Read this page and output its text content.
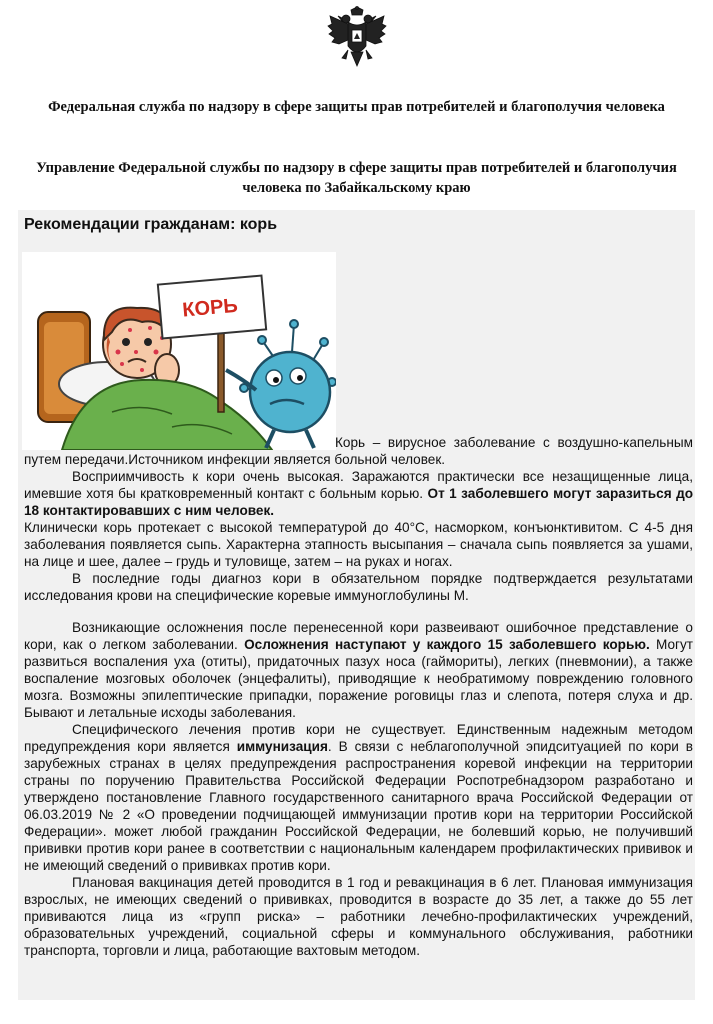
Федеральная служба по надзору в сфере защиты прав потребителей и благополучия человека
Управление Федеральной службы по надзору в сфере защиты прав потребителей и благополучия человека по Забайкальскому краю
Рекомендации гражданам: корь
КОРЬ

Корь – вирусное заболевание с воздушно-капельным путем передачи.Источником инфекции является больной человек.

Восприимчивость к кори очень высокая. Заражаются практически все незащищенные лица, имевшие хотя бы кратковременный контакт с больным корью. От 1 заболевшего могут заразиться до 18 контактировавших с ним человек.

Клинически корь протекает с высокой температурой до 40°С, насморком, конъюнктивитом. С 4-5 дня заболевания появляется сыпь. Характерна этапность высыпания – сначала сыпь появляется за ушами, на лице и шее, далее – грудь и туловище, затем – на руках и ногах.

В последние годы диагноз кори в обязательном порядке подтверждается результатами исследования крови на специфические коревые иммуноглобулины М.

Возникающие осложнения после перенесенной кори развеивают ошибочное представление о кори, как о легком заболевании. Осложнения наступают у каждого 15 заболевшего корью. Могут развиться воспаления уха (отиты), придаточных пазух носа (гаймориты), легких (пневмонии), а также воспаление мозговых оболочек (энцефалиты), приводящие к необратимому повреждению головного мозга. Возможны эпилептические припадки, поражение роговицы глаз и слепота, потеря слуха и др. Бывают и летальные исходы заболевания.

Специфического лечения против кори не существует. Единственным надежным методом предупреждения кори является иммунизация. В связи с неблагополучной эпидситуацией по кори в зарубежных странах в целях предупреждения распространения коревой инфекции на территории страны по поручению Правительства Российской Федерации Роспотребнадзором разработано и утверждено постановление Главного государственного санитарного врача Российской Федерации от 06.03.2019 № 2 «О проведении подчищающей иммунизации против кори на территории Российской Федерации». может любой гражданин Российской Федерации, не болевший корью, не получивший прививки против кори ранее в соответствии с национальным календарем профилактических прививок и не имеющий сведений о прививках против кори.

Плановая вакцинация детей проводится в 1 год и ревакцинация в 6 лет. Плановая иммунизация взрослых, не имеющих сведений о прививках, проводится в возрасте до 35 лет, а также до 55 лет прививаются лица из «групп риска» – работники лечебно-профилактических учреждений, образовательных учреждений, социальной сферы и коммунального обслуживания, работники транспорта, торговли и лица, работающие вахтовым методом.
